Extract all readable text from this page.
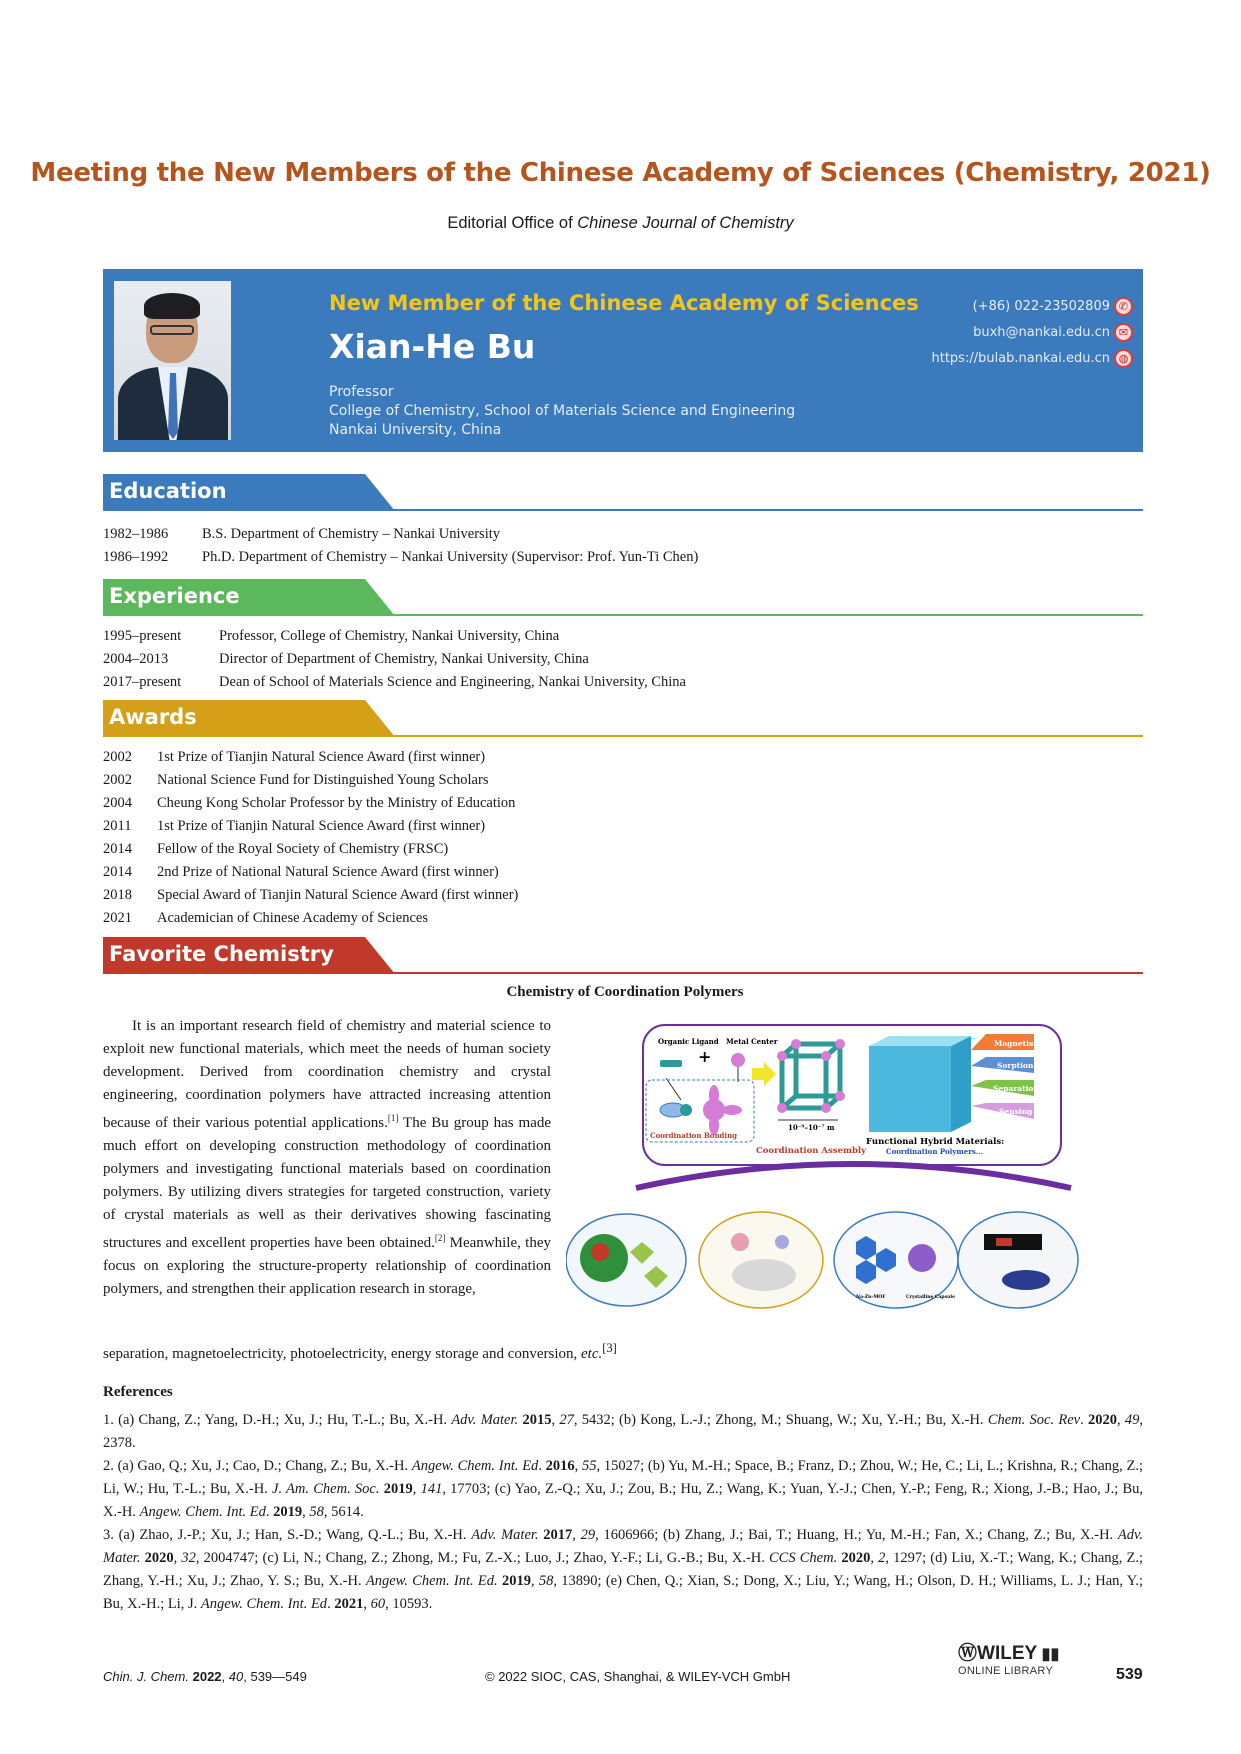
Meeting the New Members of the Chinese Academy of Sciences (Chemistry, 2021)
Editorial Office of Chinese Journal of Chemistry
New Member of the Chinese Academy of Sciences
Xian-He Bu
Professor
College of Chemistry, School of Materials Science and Engineering
Nankai University, China
(+86) 022-23502809 ✆
buxh@nankai.edu.cn ✉
https://bulab.nankai.edu.cn ◍
Education
1982–1986 B.S. Department of Chemistry – Nankai University
1986–1992 Ph.D. Department of Chemistry – Nankai University (Supervisor: Prof. Yun-Ti Chen)
Experience
1995–present	Professor, College of Chemistry, Nankai University, China
2004–2013	Director of Department of Chemistry, Nankai University, China
2017–present	Dean of School of Materials Science and Engineering, Nankai University, China
Awards
2002 1st Prize of Tianjin Natural Science Award (first winner)
2002 National Science Fund for Distinguished Young Scholars
2004 Cheung Kong Scholar Professor by the Ministry of Education
2011 1st Prize of Tianjin Natural Science Award (first winner)
2014 Fellow of the Royal Society of Chemistry (FRSC)
2014 2nd Prize of National Natural Science Award (first winner)
2018 Special Award of Tianjin Natural Science Award (first winner)
2021 Academician of Chinese Academy of Sciences
Favorite Chemistry
Chemistry of Coordination Polymers
It is an important research field of chemistry and material science to exploit new functional materials, which meet the needs of human society development. Derived from coordination chemistry and crystal engineering, coordination polymers have attracted increasing attention because of their various potential applications.[1] The Bu group has made much effort on developing construction methodology of coordination polymers and investigating functional materials based on coordination polymers. By utilizing divers strategies for targeted construction, variety of crystal materials as well as their derivatives showing fascinating structures and excellent properties have been obtained.[2] Meanwhile, they focus on exploring the structure-property relationship of coordination polymers, and strengthen their application research in storage,
separation, magnetoelectricity, photoelectricity, energy storage and conversion, etc.[3]
Organic Ligand Metal Center
+
Coordination Bonding
10⁻⁹–10⁻⁷ m
Coordination Assembly
Functional Hybrid Materials:
Coordination Polymers...
Magnetism
Sorption
Separation
Sensing
Na-Zn-MOF	Crystalline Capsule
References

1. (a) Chang, Z.; Yang, D.-H.; Xu, J.; Hu, T.-L.; Bu, X.-H. Adv. Mater. 2015, 27, 5432; (b) Kong, L.-J.; Zhong, M.; Shuang, W.; Xu, Y.-H.; Bu, X.-H. Chem. Soc. Rev. 2020, 49, 2378.

2. (a) Gao, Q.; Xu, J.; Cao, D.; Chang, Z.; Bu, X.-H. Angew. Chem. Int. Ed. 2016, 55, 15027; (b) Yu, M.-H.; Space, B.; Franz, D.; Zhou, W.; He, C.; Li, L.; Krishna, R.; Chang, Z.; Li, W.; Hu, T.-L.; Bu, X.-H. J. Am. Chem. Soc. 2019, 141, 17703; (c) Yao, Z.-Q.; Xu, J.; Zou, B.; Hu, Z.; Wang, K.; Yuan, Y.-J.; Chen, Y.-P.; Feng, R.; Xiong, J.-B.; Hao, J.; Bu, X.-H. Angew. Chem. Int. Ed. 2019, 58, 5614.

3. (a) Zhao, J.-P.; Xu, J.; Han, S.-D.; Wang, Q.-L.; Bu, X.-H. Adv. Mater. 2017, 29, 1606966; (b) Zhang, J.; Bai, T.; Huang, H.; Yu, M.-H.; Fan, X.; Chang, Z.; Bu, X.-H. Adv. Mater. 2020, 32, 2004747; (c) Li, N.; Chang, Z.; Zhong, M.; Fu, Z.-X.; Luo, J.; Zhao, Y.-F.; Li, G.-B.; Bu, X.-H. CCS Chem. 2020, 2, 1297; (d) Liu, X.-T.; Wang, K.; Chang, Z.; Zhang, Y.-H.; Xu, J.; Zhao, Y. S.; Bu, X.-H. Angew. Chem. Int. Ed. 2019, 58, 13890; (e) Chen, Q.; Xian, S.; Dong, X.; Liu, Y.; Wang, H.; Olson, D. H.; Williams, L. J.; Han, Y.; Bu, X.-H.; Li, J. Angew. Chem. Int. Ed. 2021, 60, 10593.

Chin. J. Chem. 2022, 40, 539—549	© 2022 SIOC, CAS, Shanghai, & WILEY-VCH GmbH
ⓌWILEY ▮▮
ONLINE LIBRARY	539
